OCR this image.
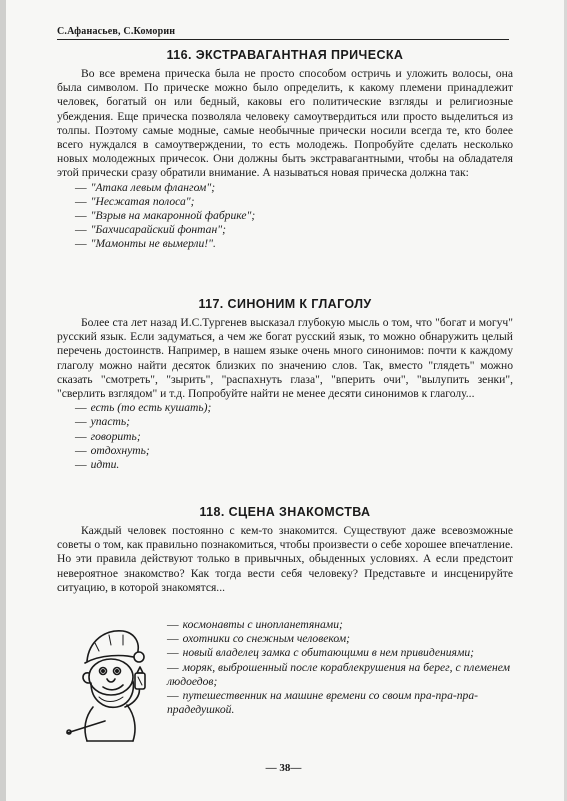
С.Афанасьев, С.Коморин
116. ЭКСТРАВАГАНТНАЯ ПРИЧЕСКА
Во все времена прическа была не просто способом остричь и уложить волосы, она была символом. По прическе можно было определить, к какому племени принадлежит человек, богатый он или бедный, каковы его политические взгляды и религиозные убеждения. Еще прическа позволяла человеку самоутвердиться или просто выделиться из толпы. Поэтому самые модные, самые необычные прически носили всегда те, кто более всего нуждался в самоутверждении, то есть молодежь. Попробуйте сделать несколько новых молодежных причесок. Они должны быть экстравагантными, чтобы на обладателя этой прически сразу обратили внимание. А называться новая прическа должна так:
— "Атака левым флангом";
— "Несжатая полоса";
— "Взрыв на макаронной фабрике";
— "Бахчисарайский фонтан";
— "Мамонты не вымерли!".
117. СИНОНИМ К ГЛАГОЛУ
Более ста лет назад И.С.Тургенев высказал глубокую мысль о том, что "богат и могуч" русский язык. Если задуматься, а чем же богат русский язык, то можно обнаружить целый перечень достоинств. Например, в нашем языке очень много синонимов: почти к каждому глаголу можно найти десяток близких по значению слов. Так, вместо "глядеть" можно сказать "смотреть", "зырить", "распахнуть глаза", "вперить очи", "вылупить зенки", "сверлить взглядом" и т.д. Попробуйте найти не менее десяти синонимов к глаголу...
— есть (то есть кушать);
— упасть;
— говорить;
— отдохнуть;
— идти.
118. СЦЕНА ЗНАКОМСТВА
Каждый человек постоянно с кем-то знакомится. Существуют даже всевозможные советы о том, как правильно познакомиться, чтобы произвести о себе хорошее впечатление. Но эти правила действуют только в привычных, обыденных условиях. А если предстоит невероятное знакомство? Как тогда вести себя человеку? Представьте и инсценируйте ситуацию, в которой знакомятся...
— космонавты с инопланетянами;
— охотники со снежным человеком;
— новый владелец замка с обитающими в нем привидениями;
— моряк, выброшенный после кораблекрушения на берег, с племенем людоедов;
— путешественник на машине времени со своим пра-пра-пра-прадедушкой.
— 38—
